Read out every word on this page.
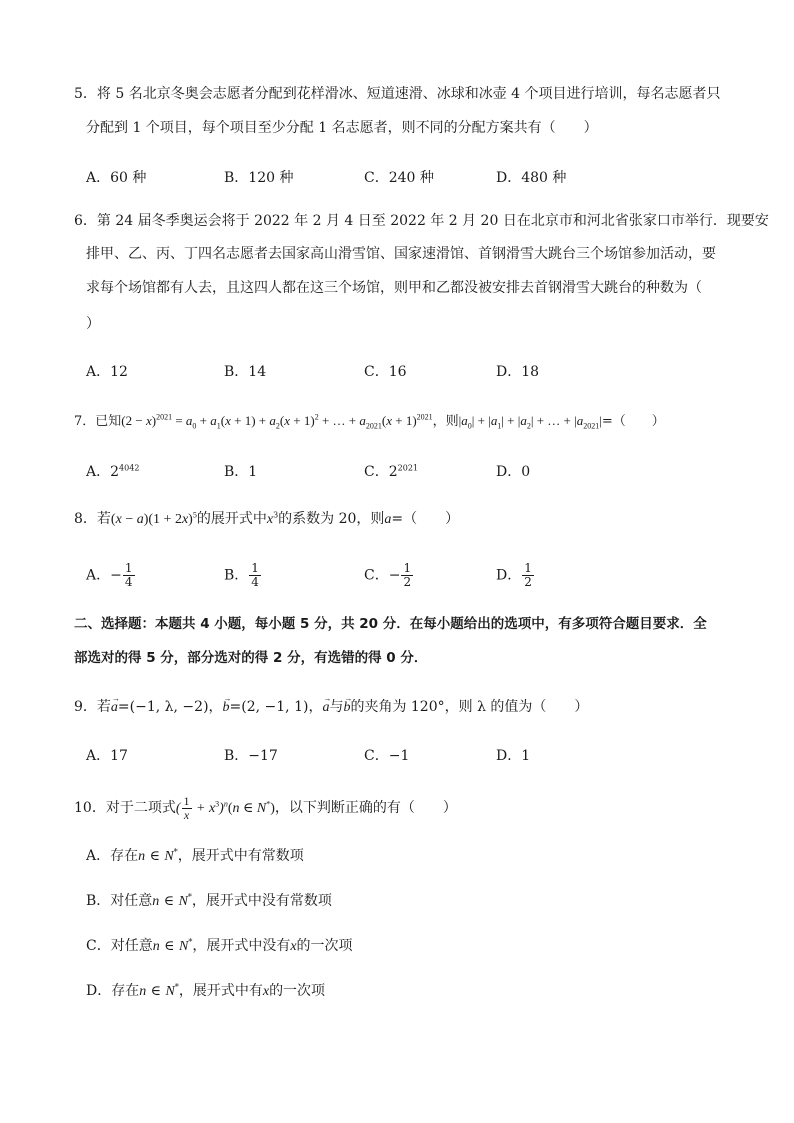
5．将 5 名北京冬奥会志愿者分配到花样滑冰、短道速滑、冰球和冰壶 4 个项目进行培训，每名志愿者只
分配到 1 个项目，每个项目至少分配 1 名志愿者，则不同的分配方案共有（　　）
A．60 种	B．120 种	C．240 种	D．480 种
6．第 24 届冬季奥运会将于 2022 年 2 月 4 日至 2022 年 2 月 20 日在北京市和河北省张家口市举行．现要安
排甲、乙、丙、丁四名志愿者去国家高山滑雪馆、国家速滑馆、首钢滑雪大跳台三个场馆参加活动，要
求每个场馆都有人去，且这四人都在这三个场馆，则甲和乙都没被安排去首钢滑雪大跳台的种数为（
）
A．12	B．14	C．16	D．18
7．已知$(2 - x)^{2021} = a_0 + a_1(x + 1) + a_2(x + 1)^2$ + … + $a_{2021}(x + 1)^{2021}$，则$|a_0| + |a_1| + |a_2|$ + … + $|a_{2021}|=$（　　）
A．$2^{4042}$	B．1	C．$2^{2021}$	D．0
8．若$(x - a)(1 + 2x)^5$的展开式中$x^3$的系数为 20，则a=（　　）
A．− $\frac{1}{4}$	B． $\frac{1}{4}$	C．− $\frac{1}{2}$	D． $\frac{1}{2}$
二、选择题：本题共 4 小题，每小题 5 分，共 20 分．在每小题给出的选项中，有多项符合题目要求．全
部选对的得 5 分，部分选对的得 2 分，有选错的得 0 分．
9．若→ a=(−1, λ, −2)，→ b=(2, −1, 1)，→ a与→ b的夹角为 120°，则 λ 的值为（　　）
A．17	B．−17	C．−1	D．1
10．对于二项式( $\frac{1}{x} + x^3)^n(n$ ∈ N*)，以下判断正确的有（　　）
A．存在n ∈ N*，展开式中有常数项
B．对任意n ∈ N*，展开式中没有常数项
C．对任意n ∈ N*，展开式中没有x的一次项
D．存在n ∈ N*，展开式中有x的一次项
